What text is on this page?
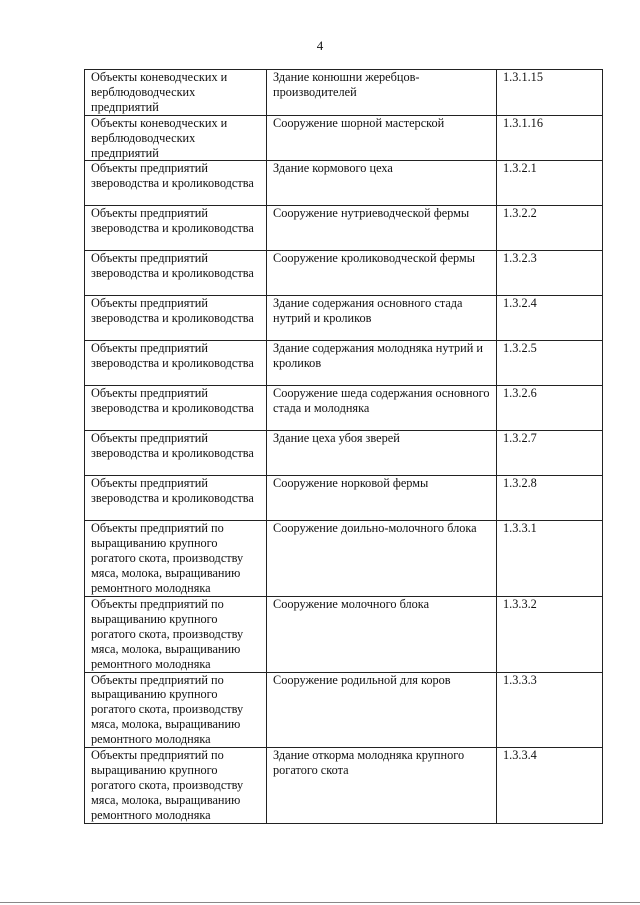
4
Объекты коневодческих и верблюдоводческих предприятий	Здание конюшни жеребцов-производителей	1.3.1.15
Объекты коневодческих и верблюдоводческих предприятий	Сооружение шорной мастерской	1.3.1.16
Объекты предприятий звероводства и кролиководства	Здание кормового цеха	1.3.2.1
Объекты предприятий звероводства и кролиководства	Сооружение нутриеводческой фермы	1.3.2.2
Объекты предприятий звероводства и кролиководства	Сооружение кролиководческой фермы	1.3.2.3
Объекты предприятий звероводства и кролиководства	Здание содержания основного стада нутрий и кроликов	1.3.2.4
Объекты предприятий звероводства и кролиководства	Здание содержания молодняка нутрий и кроликов	1.3.2.5
Объекты предприятий звероводства и кролиководства	Сооружение шеда содержания основного стада и молодняка	1.3.2.6
Объекты предприятий звероводства и кролиководства	Здание цеха убоя зверей	1.3.2.7
Объекты предприятий звероводства и кролиководства	Сооружение норковой фермы	1.3.2.8
Объекты предприятий по выращиванию крупного рогатого скота, производству мяса, молока, выращиванию ремонтного молодняка	Сооружение доильно-молочного блока	1.3.3.1
Объекты предприятий по выращиванию крупного рогатого скота, производству мяса, молока, выращиванию ремонтного молодняка	Сооружение молочного блока	1.3.3.2
Объекты предприятий по выращиванию крупного рогатого скота, производству мяса, молока, выращиванию ремонтного молодняка	Сооружение родильной для коров	1.3.3.3
Объекты предприятий по выращиванию крупного рогатого скота, производству мяса, молока, выращиванию ремонтного молодняка	Здание откорма молодняка крупного рогатого скота	1.3.3.4
